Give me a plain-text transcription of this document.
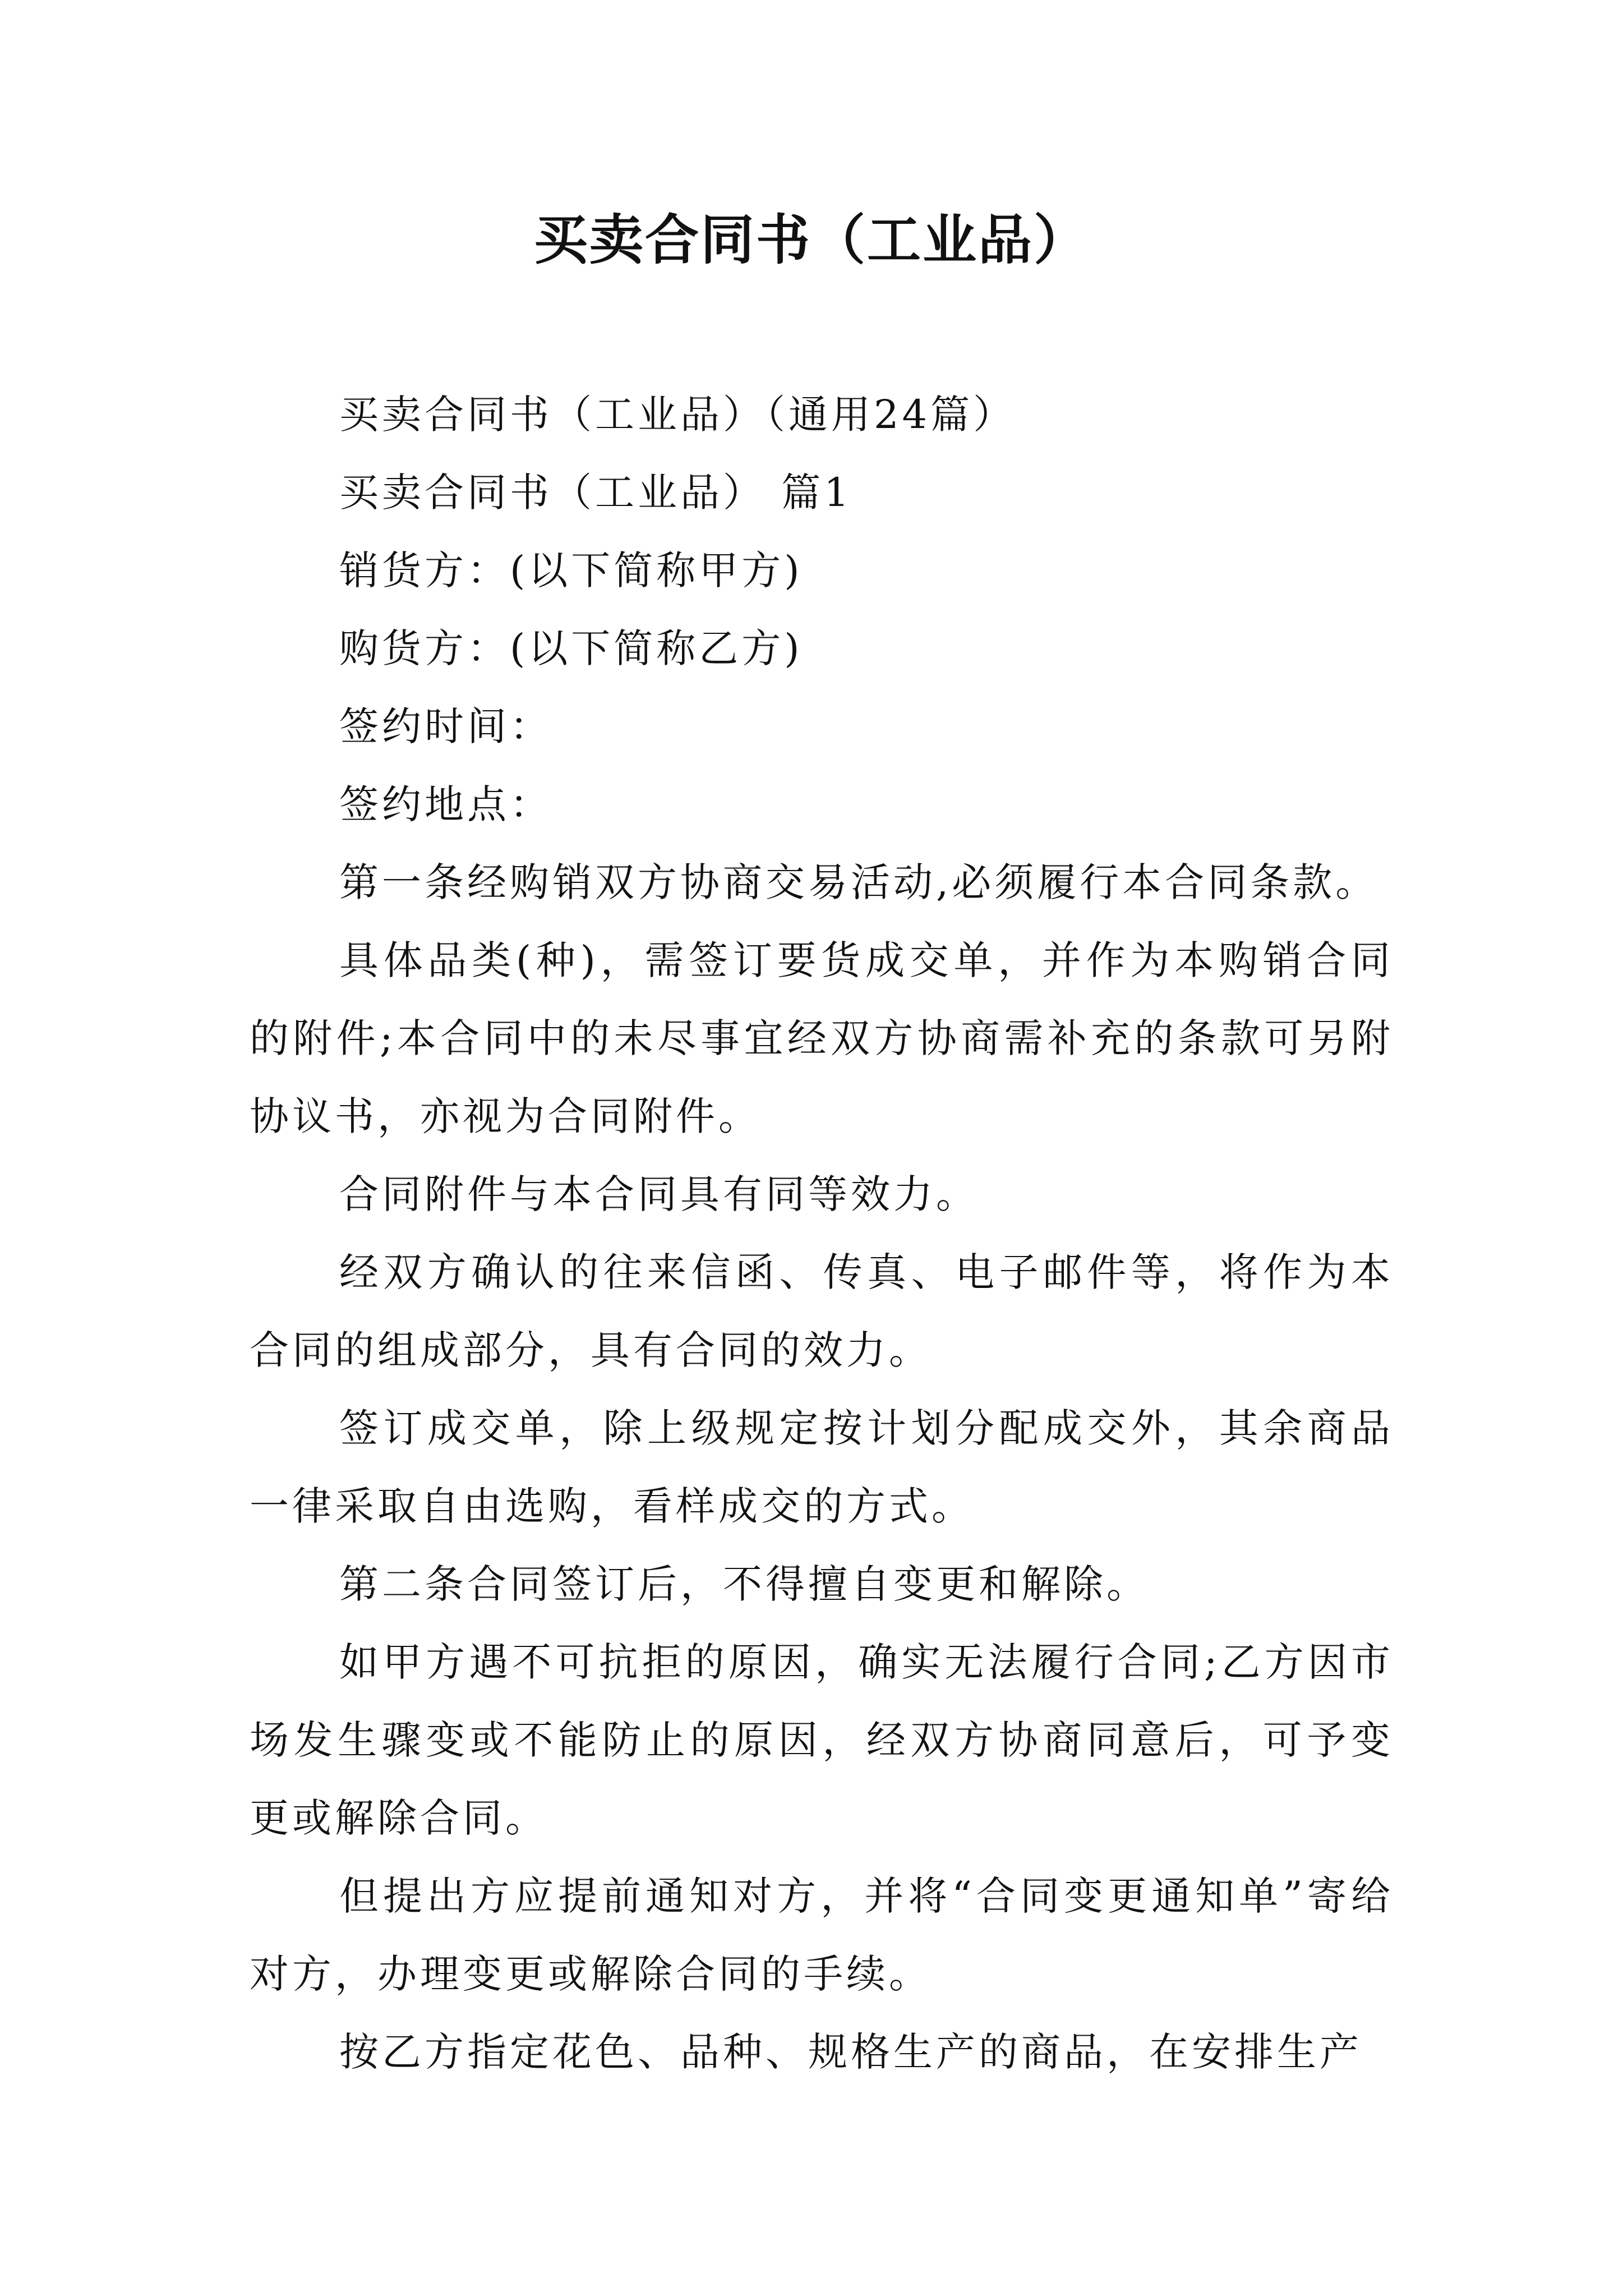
买卖合同书（工业品）

买卖合同书（工业品）（通用24篇）

买卖合同书（工业品） 篇1

销货方：(以下简称甲方)

购货方：(以下简称乙方)

签约时间：

签约地点：

第一条经购销双方协商交易活动,必须履行本合同条款。

具体品类(种)，需签订要货成交单，并作为本购销合同的附件;本合同中的未尽事宜经双方协商需补充的条款可另附协议书，亦视为合同附件。

合同附件与本合同具有同等效力。

经双方确认的往来信函、传真、电子邮件等，将作为本合同的组成部分，具有合同的效力。

签订成交单，除上级规定按计划分配成交外，其余商品一律采取自由选购，看样成交的方式。

第二条合同签订后，不得擅自变更和解除。

如甲方遇不可抗拒的原因，确实无法履行合同;乙方因市场发生骤变或不能防止的原因，经双方协商同意后，可予变更或解除合同。

但提出方应提前通知对方，并将“合同变更通知单”寄给对方，办理变更或解除合同的手续。

按乙方指定花色、品种、规格生产的商品，在安排生产
